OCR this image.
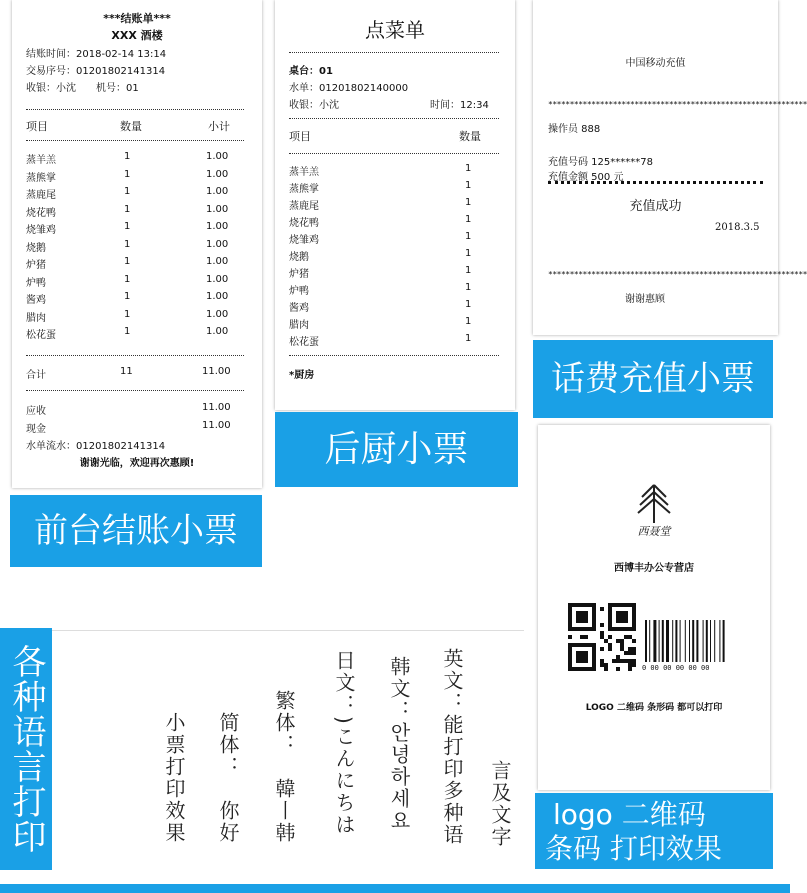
***结账单***
XXX 酒楼
结账时间：2018-02-14 13:14
交易序号：01201802141314
收银：小沈　　机号：01
项目	数量	小计
蒸羊羔	1	1.00
蒸熊掌	1	1.00
蒸鹿尾	1	1.00
烧花鸭	1	1.00
烧雏鸡	1	1.00
烧鹅	1	1.00
炉猪	1	1.00
炉鸭	1	1.00
酱鸡	1	1.00
腊肉	1	1.00
松花蛋	1	1.00
合计	11	11.00
应收	11.00
现金	11.00
水单流水：01201802141314
谢谢光临，欢迎再次惠顾!
点菜单
桌台：01
水单：01201802140000
收银：小沈	时间：12:34
项目	数量
蒸羊羔	1
蒸熊掌	1
蒸鹿尾	1
烧花鸭	1
烧雏鸡	1
烧鹅	1
炉猪	1
炉鸭	1
酱鸡	1
腊肉	1
松花蛋	1
*厨房
中国移动充值
************************************************************
操作员 888
充值号码 125******78
充值金额 500 元
充值成功
2018.3.5
************************************************************
谢谢惠顾
西聂堂
西博丰办公专营店
0 00 00 00 00 00
LOGO 二维码 条形码 都可以打印
小票打印效果 简体：　你好 繁体：　韓丨韩 日文：)こんにちは 韩文：안녕하세요 英文：能打印多种语 言及文字
前台结账小票
后厨小票
话费充值小票
各种语言打印	logo 二维码
条码 打印效果
